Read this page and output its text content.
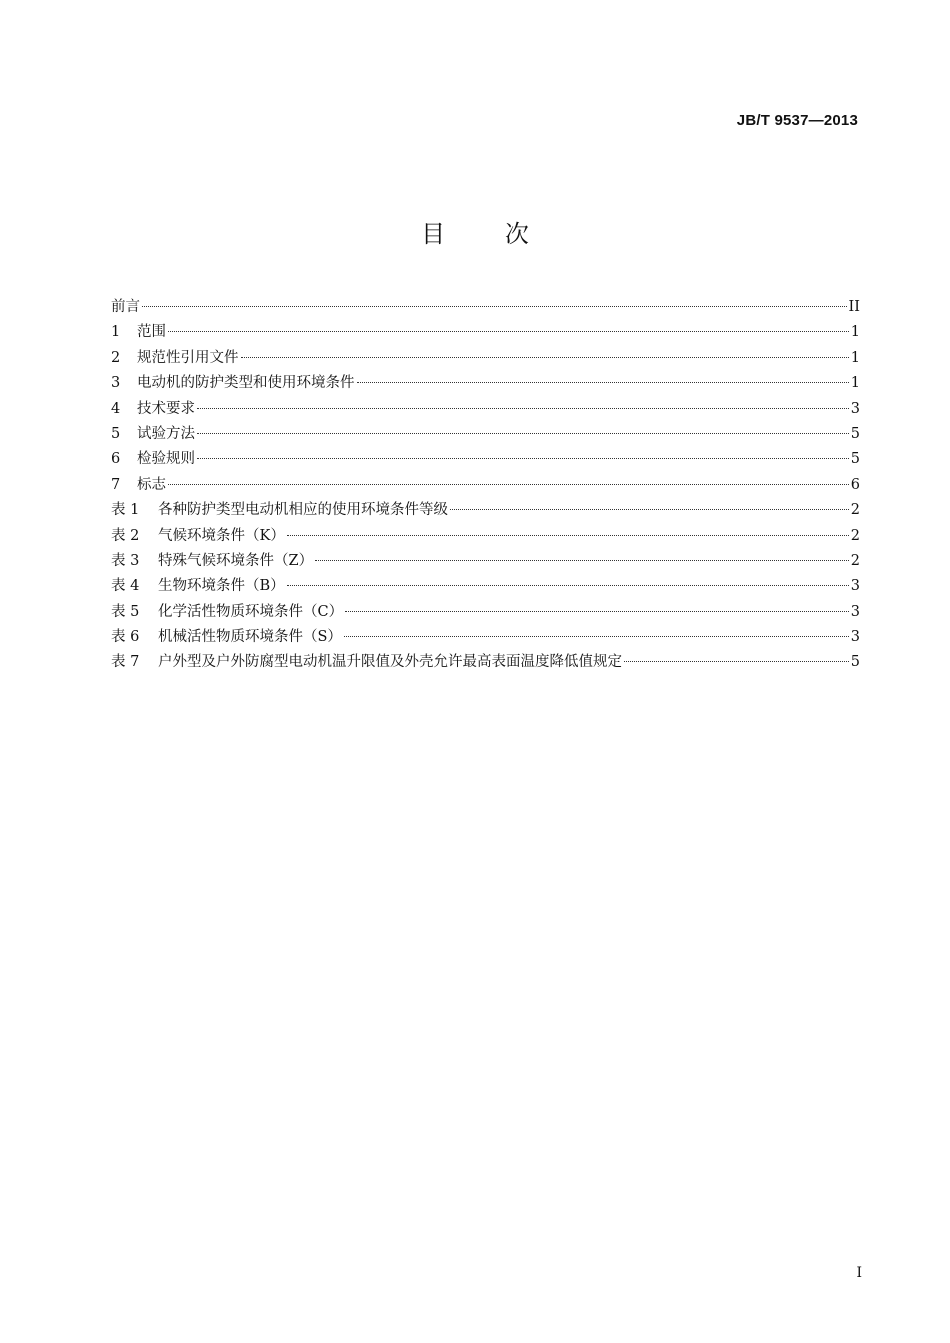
JB/T 9537—2013
目 次
前言	II
1	范围	1
2	规范性引用文件	1
3	电动机的防护类型和使用环境条件	1
4	技术要求	3
5	试验方法	5
6	检验规则	5
7	标志	6
表 1	各种防护类型电动机相应的使用环境条件等级	2
表 2	气候环境条件（K）	2
表 3	特殊气候环境条件（Z）	2
表 4	生物环境条件（B）	3
表 5	化学活性物质环境条件（C）	3
表 6	机械活性物质环境条件（S）	3
表 7	户外型及户外防腐型电动机温升限值及外壳允许最高表面温度降低值规定	5
I
